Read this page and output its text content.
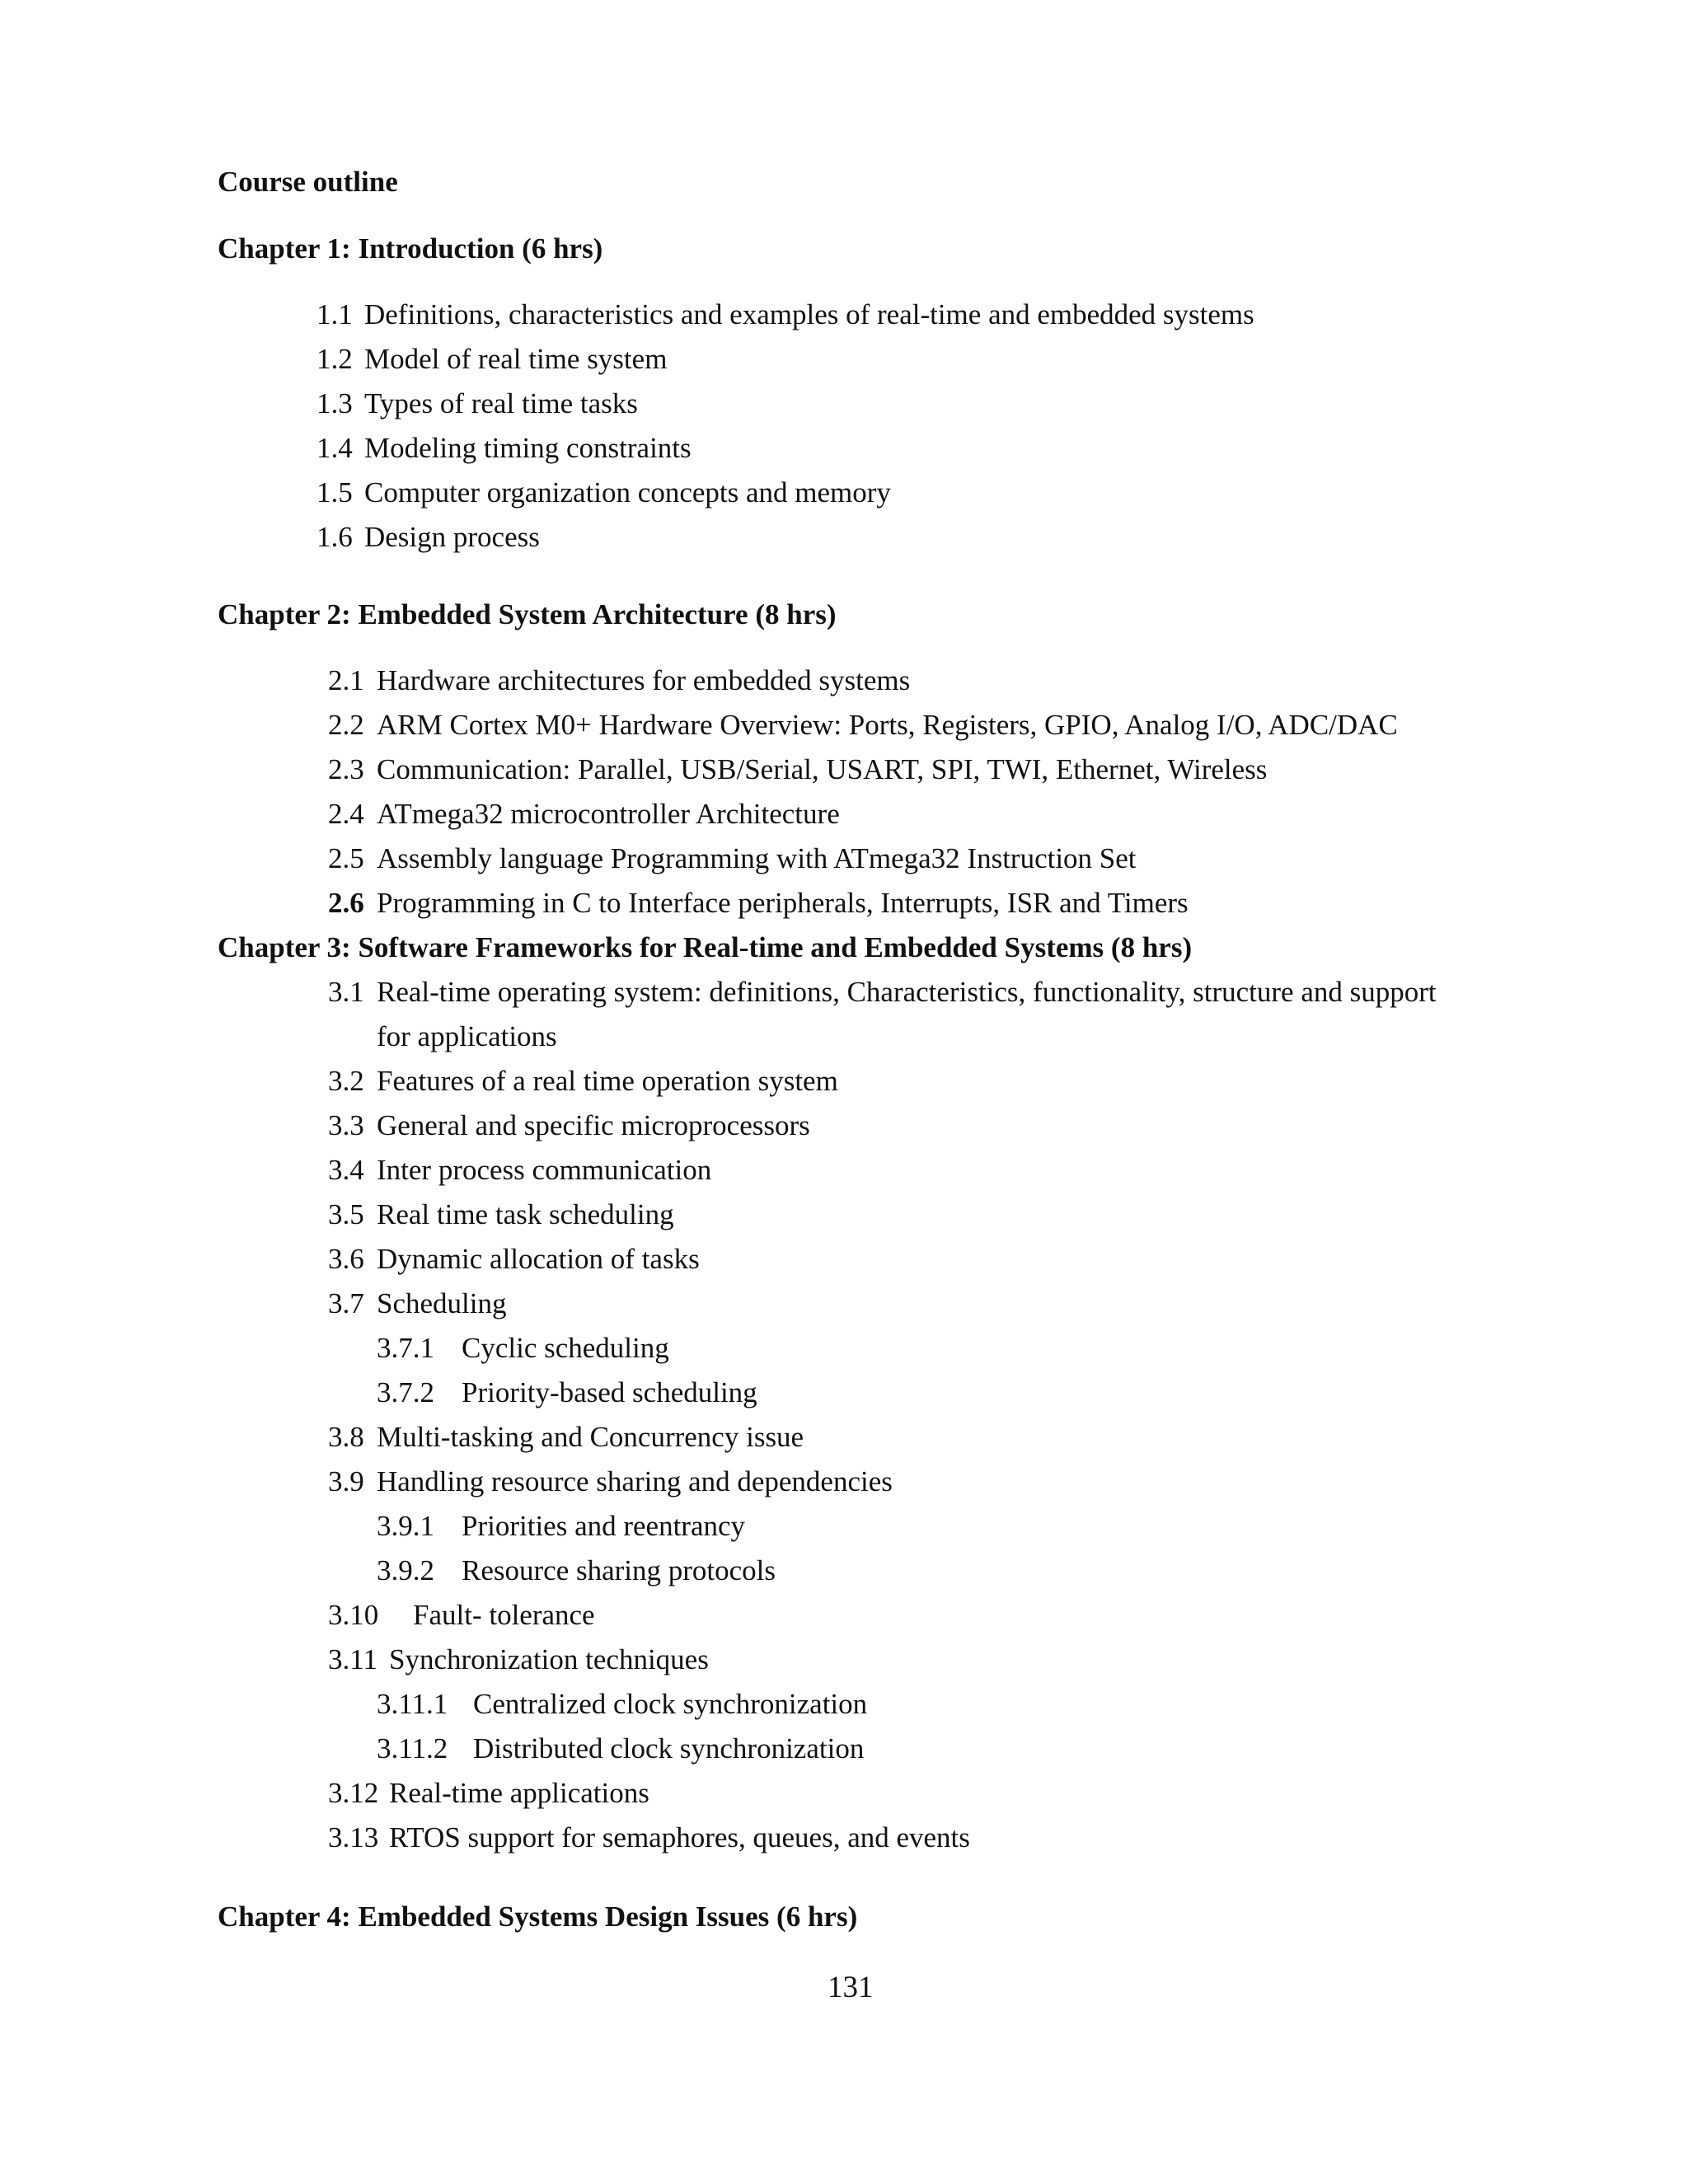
Course outline
Chapter 1: Introduction (6 hrs)
1.1 Definitions, characteristics and examples of real-time and embedded systems
1.2 Model of real time system
1.3 Types of real time tasks
1.4 Modeling timing constraints
1.5 Computer organization concepts and memory
1.6 Design process
Chapter 2: Embedded System Architecture (8 hrs)
2.1 Hardware architectures for embedded systems
2.2 ARM Cortex M0+ Hardware Overview: Ports, Registers, GPIO, Analog I/O, ADC/DAC
2.3 Communication: Parallel, USB/Serial, USART, SPI, TWI, Ethernet, Wireless
2.4 ATmega32 microcontroller Architecture
2.5 Assembly language Programming with ATmega32 Instruction Set
2.6 Programming in C to Interface peripherals, Interrupts, ISR and Timers
Chapter 3: Software Frameworks for Real-time and Embedded Systems (8 hrs)
3.1 Real-time operating system: definitions, Characteristics, functionality, structure and support
for applications
3.2 Features of a real time operation system
3.3 General and specific microprocessors
3.4 Inter process communication
3.5 Real time task scheduling
3.6 Dynamic allocation of tasks
3.7 Scheduling
3.7.1 Cyclic scheduling
3.7.2 Priority-based scheduling
3.8 Multi-tasking and Concurrency issue
3.9 Handling resource sharing and dependencies
3.9.1 Priorities and reentrancy
3.9.2 Resource sharing protocols
3.10 Fault- tolerance
3.11 Synchronization techniques
3.11.1 Centralized clock synchronization
3.11.2 Distributed clock synchronization
3.12 Real-time applications
3.13 RTOS support for semaphores, queues, and events
Chapter 4: Embedded Systems Design Issues (6 hrs)
131
